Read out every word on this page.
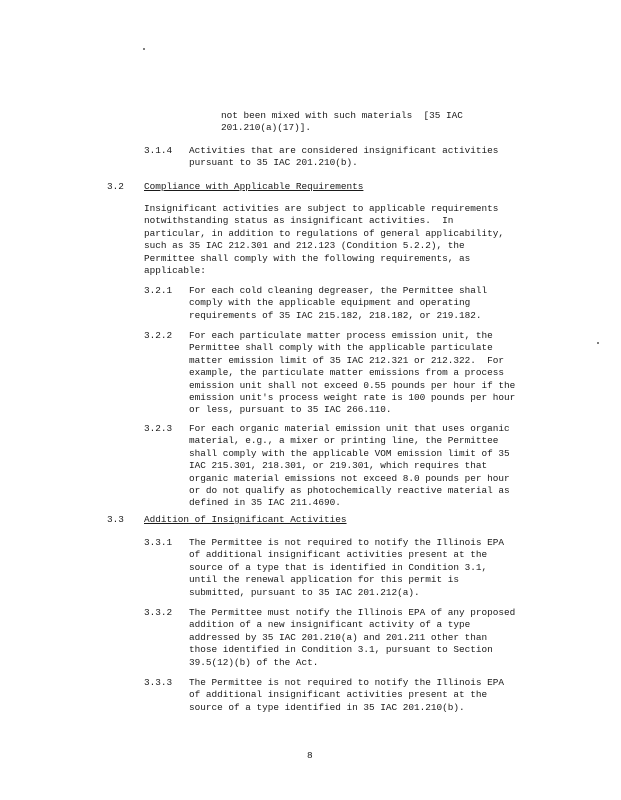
not been mixed with such materials  [35 IAC
201.210(a)(17)].
3.1.4 Activities that are considered insignificant activities
pursuant to 35 IAC 201.210(b).
3.2 Compliance with Applicable Requirements
Insignificant activities are subject to applicable requirements
notwithstanding status as insignificant activities.  In
particular, in addition to regulations of general applicability,
such as 35 IAC 212.301 and 212.123 (Condition 5.2.2), the
Permittee shall comply with the following requirements, as
applicable:
3.2.1 For each cold cleaning degreaser, the Permittee shall
comply with the applicable equipment and operating
requirements of 35 IAC 215.182, 218.182, or 219.182.
3.2.2 For each particulate matter process emission unit, the
Permittee shall comply with the applicable particulate
matter emission limit of 35 IAC 212.321 or 212.322.  For
example, the particulate matter emissions from a process
emission unit shall not exceed 0.55 pounds per hour if the
emission unit's process weight rate is 100 pounds per hour
or less, pursuant to 35 IAC 266.110.
3.2.3 For each organic material emission unit that uses organic
material, e.g., a mixer or printing line, the Permittee
shall comply with the applicable VOM emission limit of 35
IAC 215.301, 218.301, or 219.301, which requires that
organic material emissions not exceed 8.0 pounds per hour
or do not qualify as photochemically reactive material as
defined in 35 IAC 211.4690.
3.3 Addition of Insignificant Activities
3.3.1 The Permittee is not required to notify the Illinois EPA
of additional insignificant activities present at the
source of a type that is identified in Condition 3.1,
until the renewal application for this permit is
submitted, pursuant to 35 IAC 201.212(a).
3.3.2 The Permittee must notify the Illinois EPA of any proposed
addition of a new insignificant activity of a type
addressed by 35 IAC 201.210(a) and 201.211 other than
those identified in Condition 3.1, pursuant to Section
39.5(12)(b) of the Act.
3.3.3 The Permittee is not required to notify the Illinois EPA
of additional insignificant activities present at the
source of a type identified in 35 IAC 201.210(b).
8
